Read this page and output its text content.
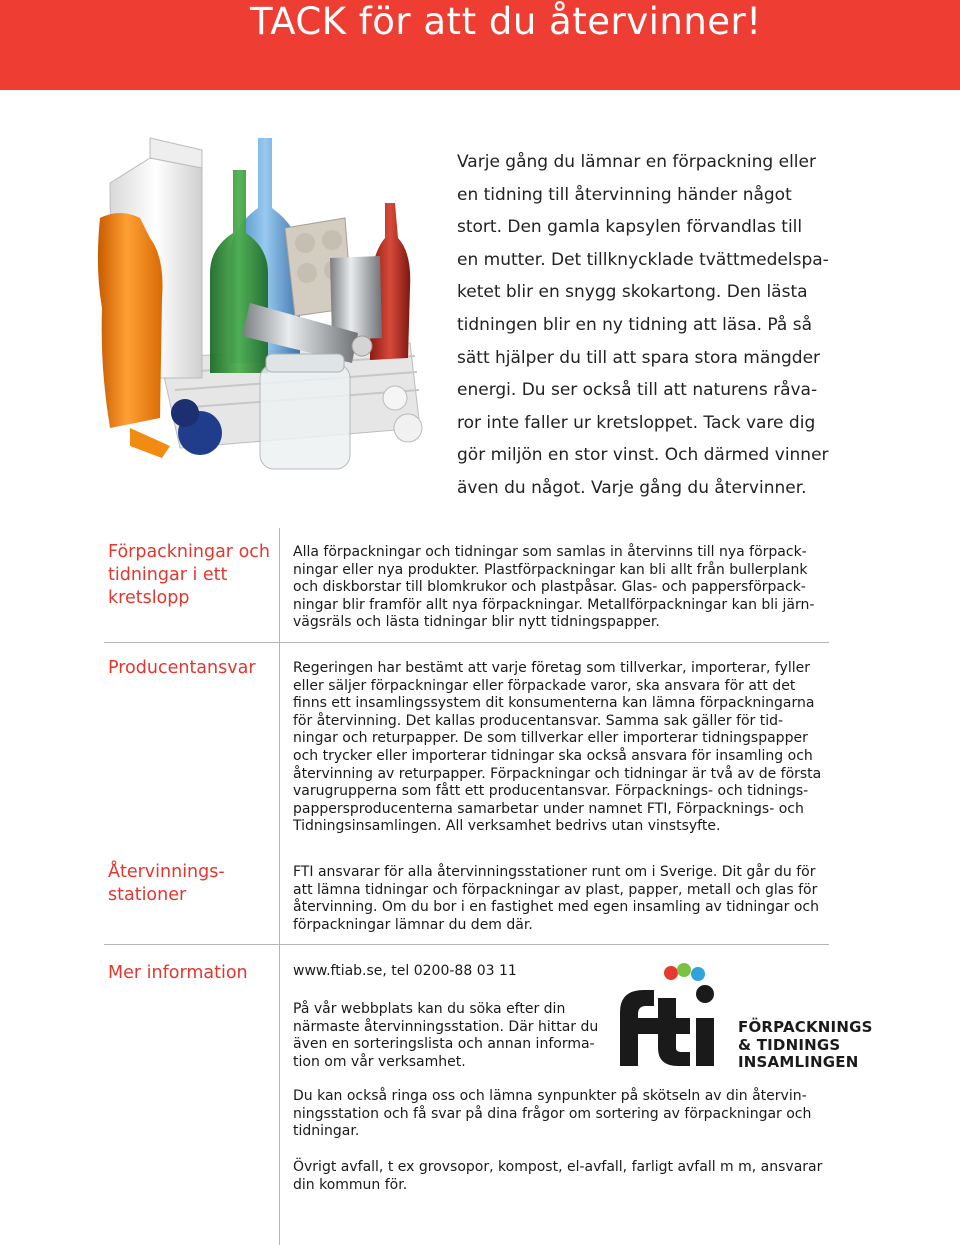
TACK för att du återvinner!

Varje gång du lämnar en förpackning eller
en tidning till återvinning händer något
stort. Den gamla kapsylen förvandlas till
en mutter. Det tillknycklade tvättmedelspa-
ketet blir en snygg skokartong. Den lästa
tidningen blir en ny tidning att läsa. På så
sätt hjälper du till att spara stora mängder
energi. Du ser också till att naturens råva-
ror inte faller ur kretsloppet. Tack vare dig
gör miljön en stor vinst. Och därmed vinner
även du något. Varje gång du återvinner.

Förpackningar och
tidningar i ett
kretslopp
Alla förpackningar och tidningar som samlas in återvinns till nya förpack-
ningar eller nya produkter. Plastförpackningar kan bli allt från bullerplank
och diskborstar till blomkrukor och plastpåsar. Glas- och pappersförpack-
ningar blir framför allt nya förpackningar. Metallförpackningar kan bli järn-
vägsräls och lästa tidningar blir nytt tidningspapper.
Producentansvar	Regeringen har bestämt att varje företag som tillverkar, importerar, fyller
eller säljer förpackningar eller förpackade varor, ska ansvara för att det
finns ett insamlingssystem dit konsumenterna kan lämna förpackningarna
för återvinning. Det kallas producentansvar. Samma sak gäller för tid-
ningar och returpapper. De som tillverkar eller importerar tidningspapper
och trycker eller importerar tidningar ska också ansvara för insamling och
återvinning av returpapper. Förpackningar och tidningar är två av de första
varugrupperna som fått ett producentansvar. Förpacknings- och tidnings-
pappersproducenterna samarbetar under namnet FTI, Förpacknings- och
Tidningsinsamlingen. All verksamhet bedrivs utan vinstsyfte.
Återvinnings-
stationer
FTI ansvarar för alla återvinningsstationer runt om i Sverige. Dit går du för
att lämna tidningar och förpackningar av plast, papper, metall och glas för
återvinning. Om du bor i en fastighet med egen insamling av tidningar och
förpackningar lämnar du dem där.
Mer information	www.ftiab.se, tel 0200-88 03 11
På vår webbplats kan du söka efter din
närmaste återvinningsstation. Där hittar du
även en sorteringslista och annan informa-
tion om vår verksamhet.
Du kan också ringa oss och lämna synpunkter på skötseln av din återvin-
ningsstation och få svar på dina frågor om sortering av förpackningar och
tidningar.
Övrigt avfall, t ex grovsopor, kompost, el-avfall, farligt avfall m m, ansvarar
din kommun för.
FÖRPACKNINGS
& TIDNINGS
INSAMLINGEN
